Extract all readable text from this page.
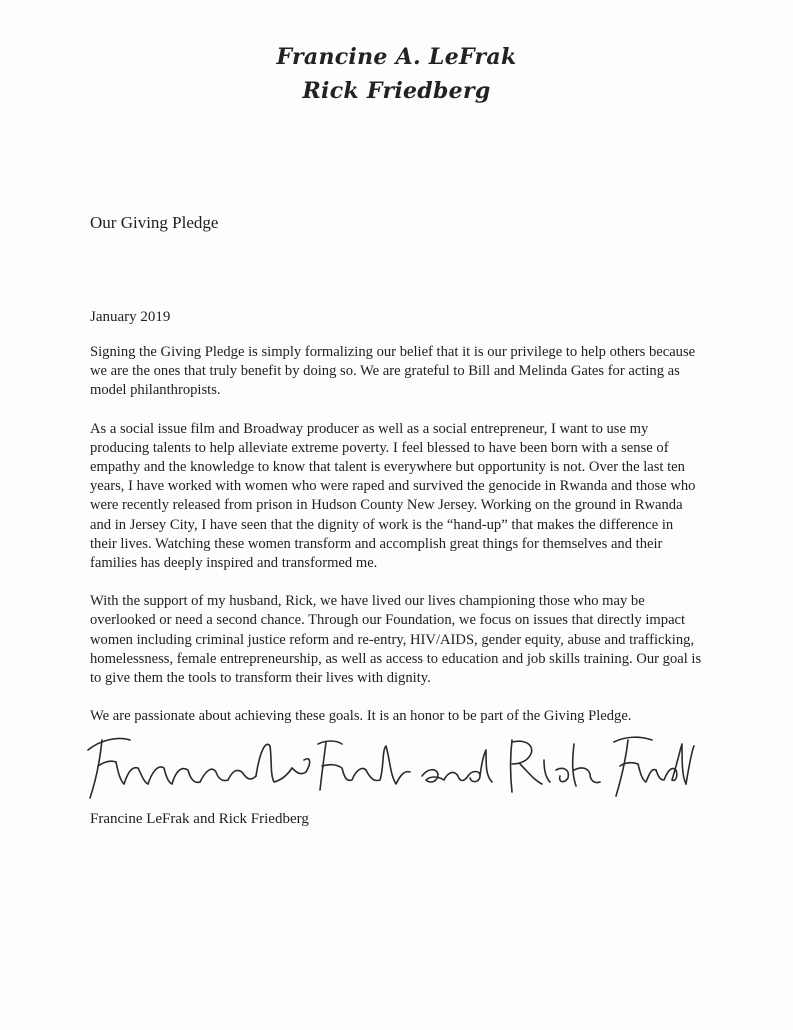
Francine A. LeFrak
Rick Friedberg
Our Giving Pledge
January 2019

Signing the Giving Pledge is simply formalizing our belief that it is our privilege to help others because we are the ones that truly benefit by doing so. We are grateful to Bill and Melinda Gates for acting as model philanthropists.

As a social issue film and Broadway producer as well as a social entrepreneur, I want to use my producing talents to help alleviate extreme poverty. I feel blessed to have been born with a sense of empathy and the knowledge to know that talent is everywhere but opportunity is not. Over the last ten years, I have worked with women who were raped and survived the genocide in Rwanda and those who were recently released from prison in Hudson County New Jersey. Working on the ground in Rwanda and in Jersey City, I have seen that the dignity of work is the “hand-up” that makes the difference in their lives. Watching these women transform and accomplish great things for themselves and their families has deeply inspired and transformed me.

With the support of my husband, Rick, we have lived our lives championing those who may be overlooked or need a second chance. Through our Foundation, we focus on issues that directly impact women including criminal justice reform and re-entry, HIV/AIDS, gender equity, abuse and trafficking, homelessness, female entrepreneurship, as well as access to education and job skills training. Our goal is to give them the tools to transform their lives with dignity.

We are passionate about achieving these goals. It is an honor to be part of the Giving Pledge.

Francine LeFrak and Rick Friedberg
